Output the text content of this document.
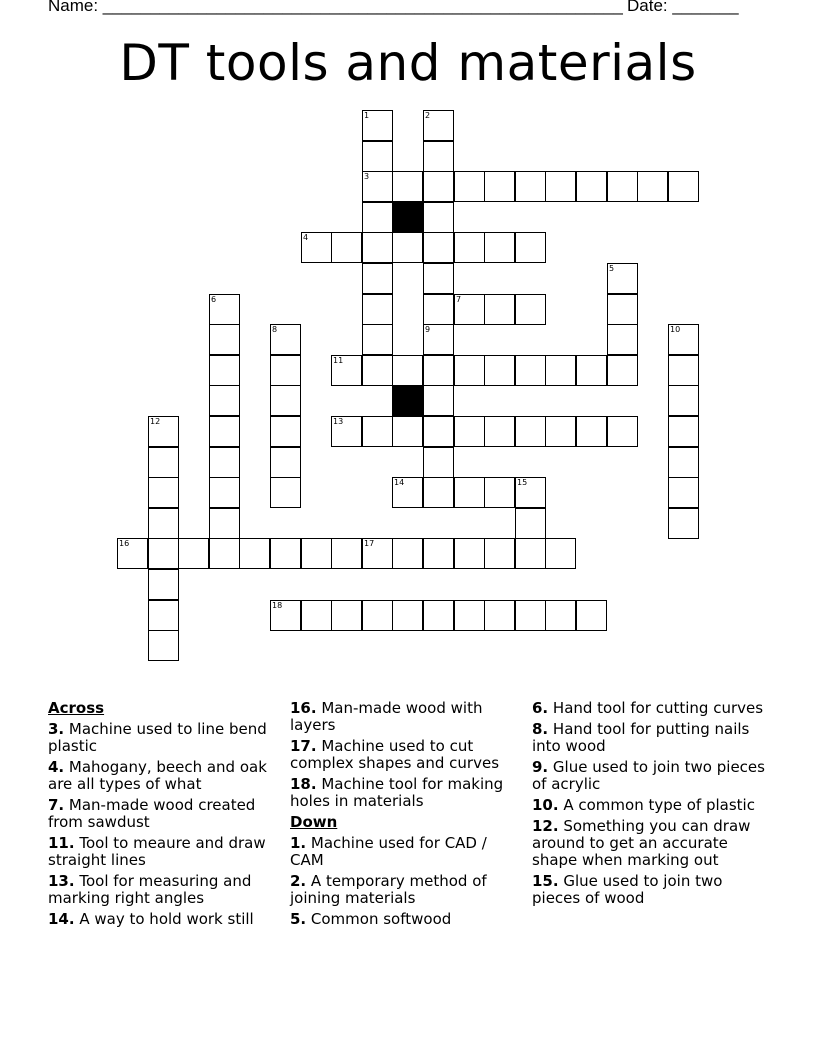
Name: _______________________________________________________ Date: _______
DT tools and materials
1
3
2
9
4
5
6	7
8	10
11
12	13
14	15
16	17
18
Across
3. Machine used to line bend plastic
4. Mahogany, beech and oak are all types of what
7. Man-made wood created from sawdust
11. Tool to meaure and draw straight lines
13. Tool for measuring and marking right angles
14. A way to hold work still
16. Man-made wood with layers
17. Machine used to cut complex shapes and curves
18. Machine tool for making holes in materials
Down
1. Machine used for CAD / CAM
2. A temporary method of joining materials
5. Common softwood
6. Hand tool for cutting curves
8. Hand tool for putting nails into wood
9. Glue used to join two pieces of acrylic
10. A common type of plastic
12. Something you can draw around to get an accurate shape when marking out
15. Glue used to join two pieces of wood
